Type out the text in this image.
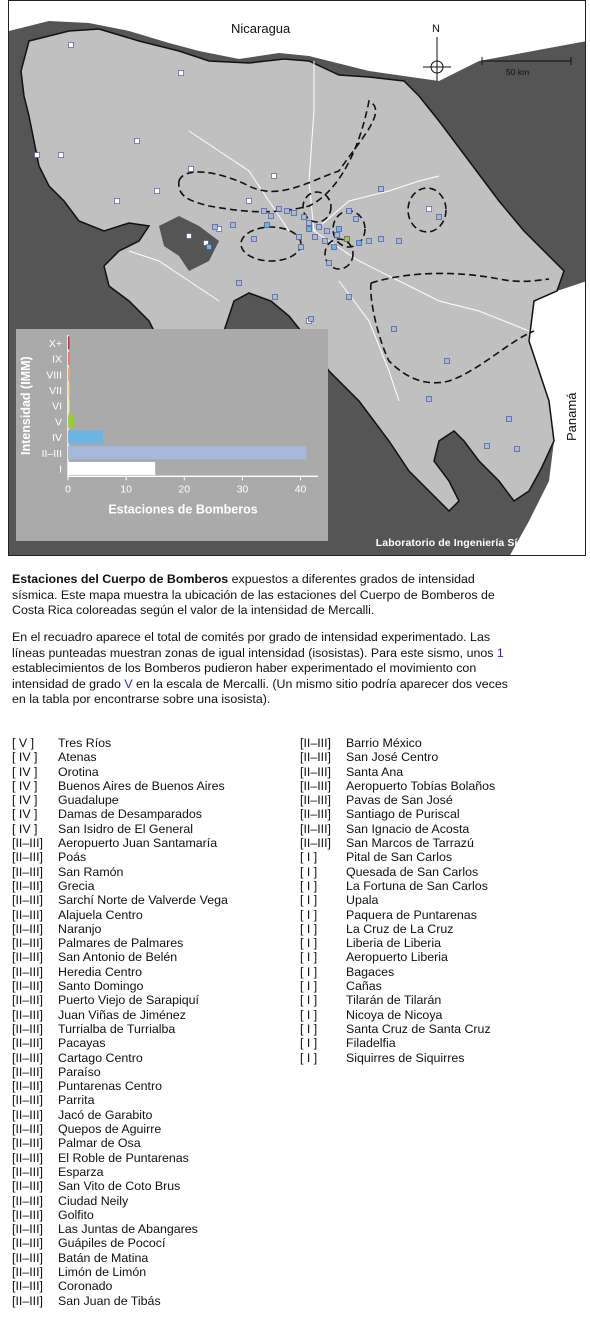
Nicaragua
Panamá
N
50 km
Laboratorio de Ingeniería Sísmica (UCR)
I
II–III
IV
V
VI
VII
VIII
IX
X+
0	10	20	30	40
Estaciones de Bomberos
Intensidad (IMM)
Estaciones del Cuerpo de Bomberos expuestos a diferentes grados de intensidad
sísmica. Este mapa muestra la ubicación de las estaciones del Cuerpo de Bomberos de
Costa Rica coloreadas según el valor de la intensidad de Mercalli.
En el recuadro aparece el total de comités por grado de intensidad experimentado. Las
líneas punteadas muestran zonas de igual intensidad (isosistas). Para este sismo, unos 1
establecimientos de los Bomberos pudieron haber experimentado el movimiento con
intensidad de grado V en la escala de Mercalli. (Un mismo sitio podría aparecer dos veces
en la tabla por encontrarse sobre una isosista).
[ V ] Tres Ríos
[ IV ] Atenas
[ IV ] Orotina
[ IV ] Buenos Aires de Buenos Aires
[ IV ] Guadalupe
[ IV ] Damas de Desamparados
[ IV ] San Isidro de El General
[II–III] Aeropuerto Juan Santamaría
[II–III] Poás
[II–III] San Ramón
[II–III] Grecia
[II–III] Sarchí Norte de Valverde Vega
[II–III] Alajuela Centro
[II–III] Naranjo
[II–III] Palmares de Palmares
[II–III] San Antonio de Belén
[II–III] Heredia Centro
[II–III] Santo Domingo
[II–III] Puerto Viejo de Sarapiquí
[II–III] Juan Viñas de Jiménez
[II–III] Turrialba de Turrialba
[II–III] Pacayas
[II–III] Cartago Centro
[II–III] Paraíso
[II–III] Puntarenas Centro
[II–III] Parrita
[II–III] Jacó de Garabito
[II–III] Quepos de Aguirre
[II–III] Palmar de Osa
[II–III] El Roble de Puntarenas
[II–III] Esparza
[II–III] San Vito de Coto Brus
[II–III] Ciudad Neily
[II–III] Golfito
[II–III] Las Juntas de Abangares
[II–III] Guápiles de Pococí
[II–III] Batán de Matina
[II–III] Limón de Limón
[II–III] Coronado
[II–III] San Juan de Tibás
[II–III] Barrio México
[II–III] San José Centro
[II–III] Santa Ana
[II–III] Aeropuerto Tobías Bolaños
[II–III] Pavas de San José
[II–III] Santiago de Puriscal
[II–III] San Ignacio de Acosta
[II–III] San Marcos de Tarrazú
[ I ] Pital de San Carlos
[ I ] Quesada de San Carlos
[ I ] La Fortuna de San Carlos
[ I ] Upala
[ I ] Paquera de Puntarenas
[ I ] La Cruz de La Cruz
[ I ] Liberia de Liberia
[ I ] Aeropuerto Liberia
[ I ] Bagaces
[ I ] Cañas
[ I ] Tilarán de Tilarán
[ I ] Nicoya de Nicoya
[ I ] Santa Cruz de Santa Cruz
[ I ] Filadelfia
[ I ] Siquirres de Siquirres
